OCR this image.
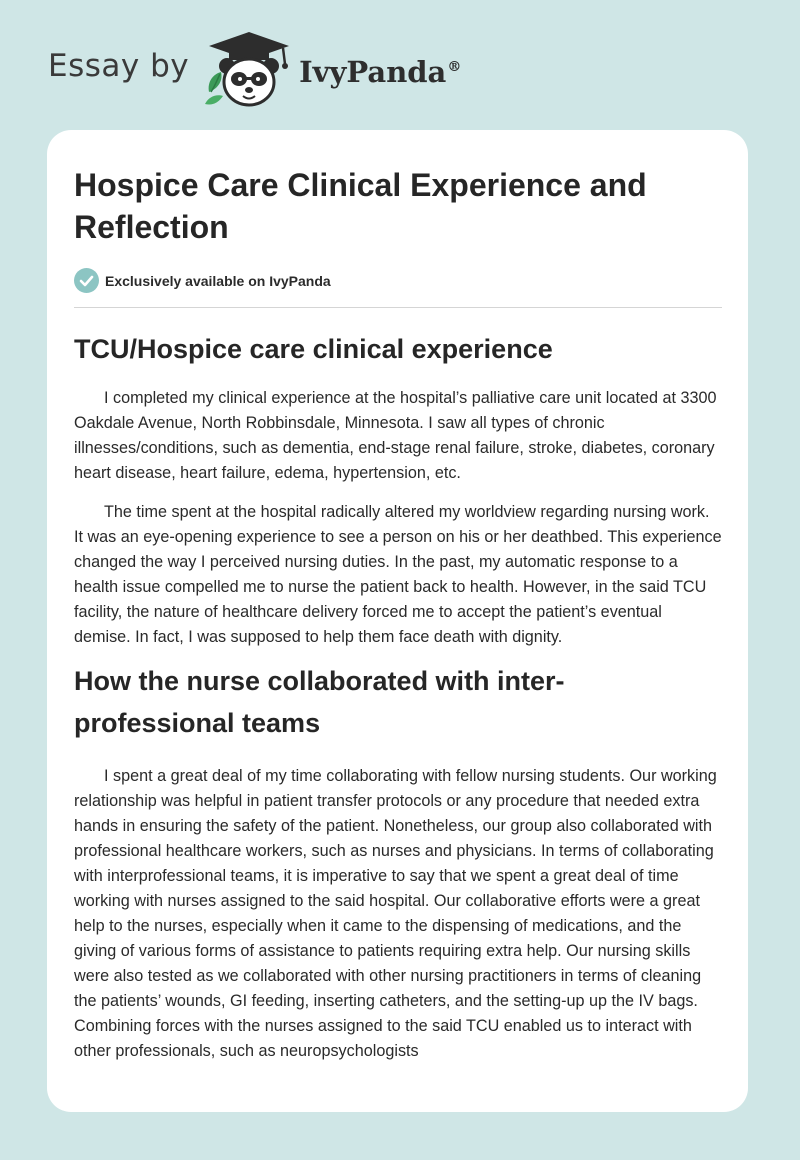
Essay by	IvyPanda®
Hospice Care Clinical Experience and Reflection
Exclusively available on IvyPanda
TCU/Hospice care clinical experience

I completed my clinical experience at the hospital’s palliative care unit located at 3300 Oakdale Avenue, North Robbinsdale, Minnesota. I saw all types of chronic illnesses/conditions, such as dementia, end-stage renal failure, stroke, diabetes, coronary heart disease, heart failure, edema, hypertension, etc.

The time spent at the hospital radically altered my worldview regarding nursing work. It was an eye-opening experience to see a person on his or her deathbed. This experience changed the way I perceived nursing duties. In the past, my automatic response to a health issue compelled me to nurse the patient back to health. However, in the said TCU facility, the nature of healthcare delivery forced me to accept the patient’s eventual demise. In fact, I was supposed to help them face death with dignity.

How the nurse collaborated with inter-professional teams

I spent a great deal of my time collaborating with fellow nursing students. Our working relationship was helpful in patient transfer protocols or any procedure that needed extra hands in ensuring the safety of the patient. Nonetheless, our group also collaborated with professional healthcare workers, such as nurses and physicians. In terms of collaborating with interprofessional teams, it is imperative to say that we spent a great deal of time working with nurses assigned to the said hospital. Our collaborative efforts were a great help to the nurses, especially when it came to the dispensing of medications, and the giving of various forms of assistance to patients requiring extra help. Our nursing skills were also tested as we collaborated with other nursing practitioners in terms of cleaning the patients’ wounds, GI feeding, inserting catheters, and the setting-up up the IV bags. Combining forces with the nurses assigned to the said TCU enabled us to interact with other professionals, such as neuropsychologists
